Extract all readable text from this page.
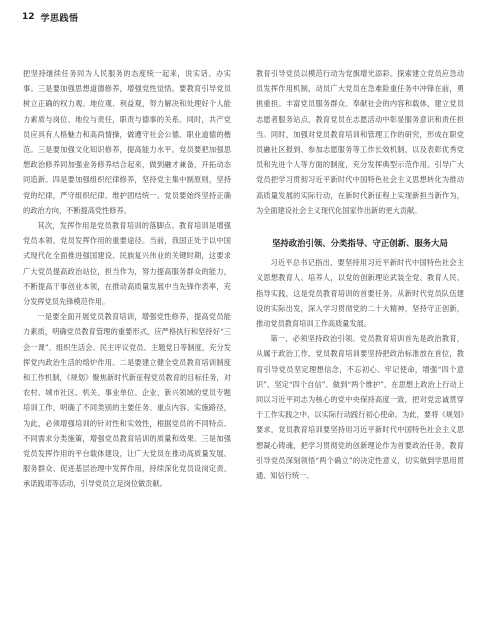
12 学思践悟

把坚持继续任务同为人民服务的态度统一起来，说实话、办实事。三是要加强思想道德修养，增强党性觉悟。要教育引导党员树立正确的权力观、地位观、利益观，努力解决和处理好个人能力素质与岗位、地位与责任，职责与德事的关系。同时，共产党员应具有人格魅力和高尚情操，做遵守社会公德、职业道德的楷范。三是要加强文化知识修养，提高能力水平。党员要把加强思想政治修养同加强业务修养结合起来，做到融才兼备，开拓动态同造新。四是要加强组织纪律修养，坚持党主集中制原则，坚持党的纪律，严守组织纪律、维护团结统一。党员要始终坚持正确的政治方向，不断提高党性修养。

其次，发挥作用是党员教育培训的落脚点。教育培训是增强党员本领、党员发挥作用的重要途径。当前，我国正处于以中国式现代化全面推进强国建设、民族复兴伟业的关键时期，这要求广大党员提高政治站位，担当作为，努力提高服务群众的能力，不断提高干事创业本领，在推动高质量发展中当先锋作表率，充分发挥党员先锋模范作用。

一是要全面开展党员教育培训，增强党性修养，提高党员能力素质，明确党员教育管理的重要形式，应严格执行和坚持好“三会一课”、组织生活会、民主评议党员、主题党日等制度，充分发挥党内政治生活的熔炉作用。二是要建立健全党员教育培训制度和工作机制，《规划》聚焦新时代新征程党员教育的目标任务，对农村、城市社区、机关、事业单位、企业、新兴领域的党员专题培训工作，明确了不同类别的主要任务、重点内容、实施路径，为此，必须增强培训的针对性和实效性，根据党员的不同特点、不同需求分类施策，增强党员教育培训的质量和效果。三是加强党员发挥作用的平台载体建设，让广大党员在推动高质量发展、服务群众、促进基层治理中发挥作用，持续深化党员设岗定责、承诺践诺等活动，引导党员立足岗位做贡献。

教育引导党员以模范行动为党旗增光添彩。探索建立党员应急动员发挥作用机制，动员广大党员在急难险重任务中冲锋在前，勇挑重担。丰富党员服务群众、奉献社会的内容和载体，建立党员志愿者服务站点，教育党员在志愿活动中彰显服务意识和责任担当。同时，加强对党员教育培训和管理工作的研究，形成在职党员融社区报到、参加志愿服务等工作长效机制，以及表彰优秀党员和先进个人等方面的制度，充分发挥典型示范作用。引导广大党员把学习贯彻习近平新时代中国特色社会主义思想转化为推动高质量发展的实际行动，在新时代新征程上实现新担当新作为，为全面建设社会主义现代化国家作出新的更大贡献。

坚持政治引领、分类指导、守正创新、服务大局

习近平总书记指出，要坚持用习近平新时代中国特色社会主义思想教育人、培养人，以党的创新理论武装全党、教育人民、指导实践，这是党员教育培训的首要任务。从新时代党员队伍建设的实际出发，深入学习贯彻党的二十大精神，坚持守正创新，推动党员教育培训工作高质量发展。

第一，必须坚持政治引领。党员教育培训首先是政治教育，从属于政治工作，党员教育培训要坚持把政治标准放在首位，教育引导党员坚定理想信念，不忘初心、牢记使命，增强“四个意识”、坚定“四个自信”、做到“两个维护”，在思想上政治上行动上同以习近平同志为核心的党中央保持高度一致，把对党忠诚贯穿于工作实践之中，以实际行动践行初心使命。为此，要将《规划》要求，党员教育培训要坚持用习近平新时代中国特色社会主义思想凝心铸魂，把学习贯彻党的创新理论作为首要政治任务，教育引导党员深刻领悟“两个确立”的决定性意义，切实做到学思用贯通、知信行统一。
